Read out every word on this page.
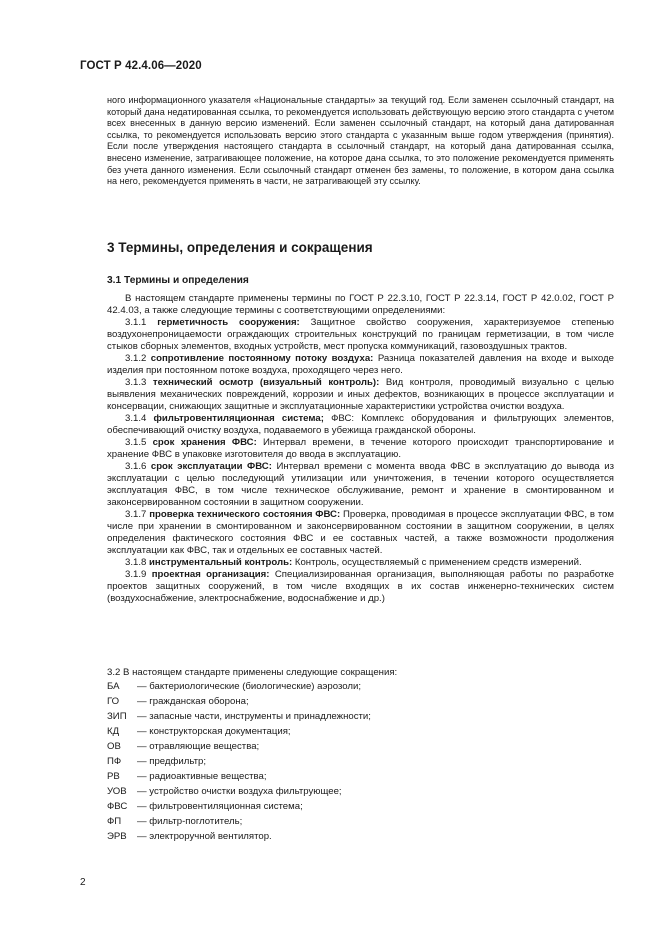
ГОСТ Р 42.4.06—2020

ного информационного указателя «Национальные стандарты» за текущий год. Если заменен ссылочный стандарт, на который дана недатированная ссылка, то рекомендуется использовать действующую версию этого стандарта с учетом всех внесенных в данную версию изменений. Если заменен ссылочный стандарт, на который дана датированная ссылка, то рекомендуется использовать версию этого стандарта с указанным выше годом утверждения (принятия). Если после утверждения настоящего стандарта в ссылочный стандарт, на который дана датированная ссылка, внесено изменение, затрагивающее положение, на которое дана ссылка, то это положение рекомендуется применять без учета данного изменения. Если ссылочный стандарт отменен без замены, то положение, в котором дана ссылка на него, рекомендуется применять в части, не затрагивающей эту ссылку.

3 Термины, определения и сокращения
3.1 Термины и определения

В настоящем стандарте применены термины по ГОСТ Р 22.3.10, ГОСТ Р 22.3.14, ГОСТ Р 42.0.02, ГОСТ Р 42.4.03, а также следующие термины с соответствующими определениями:

3.1.1 герметичность сооружения: Защитное свойство сооружения, характеризуемое степенью воздухонепроницаемости ограждающих строительных конструкций по границам герметизации, в том числе стыков сборных элементов, входных устройств, мест пропуска коммуникаций, газовоздушных трактов.

3.1.2 сопротивление постоянному потоку воздуха: Разница показателей давления на входе и выходе изделия при постоянном потоке воздуха, проходящего через него.

3.1.3 технический осмотр (визуальный контроль): Вид контроля, проводимый визуально с целью выявления механических повреждений, коррозии и иных дефектов, возникающих в процессе эксплуатации и консервации, снижающих защитные и эксплуатационные характеристики устройства очистки воздуха.

3.1.4 фильтровентиляционная система; ФВС: Комплекс оборудования и фильтрующих элементов, обеспечивающий очистку воздуха, подаваемого в убежища гражданской обороны.

3.1.5 срок хранения ФВС: Интервал времени, в течение которого происходит транспортирование и хранение ФВС в упаковке изготовителя до ввода в эксплуатацию.

3.1.6 срок эксплуатации ФВС: Интервал времени с момента ввода ФВС в эксплуатацию до вывода из эксплуатации с целью последующий утилизации или уничтожения, в течении которого осуществляется эксплуатация ФВС, в том числе техническое обслуживание, ремонт и хранение в смонтированном и законсервированном состоянии в защитном сооружении.

3.1.7 проверка технического состояния ФВС: Проверка, проводимая в процессе эксплуатации ФВС, в том числе при хранении в смонтированном и законсервированном состоянии в защитном сооружении, в целях определения фактического состояния ФВС и ее составных частей, а также возможности продолжения эксплуатации как ФВС, так и отдельных ее составных частей.

3.1.8 инструментальный контроль: Контроль, осуществляемый с применением средств измерений.

3.1.9 проектная организация: Специализированная организация, выполняющая работы по разработке проектов защитных сооружений, в том числе входящих в их состав инженерно-технических систем (воздухоснабжение, электроснабжение, водоснабжение и др.)

3.2 В настоящем стандарте применены следующие сокращения:
БА	— бактериологические (биологические) аэрозоли;
ГО	— гражданская оборона;
ЗИП	— запасные части, инструменты и принадлежности;
КД	— конструкторская документация;
ОВ	— отравляющие вещества;
ПФ	— предфильтр;
РВ	— радиоактивные вещества;
УОВ	— устройство очистки воздуха фильтрующее;
ФВС	— фильтровентиляционная система;
ФП	— фильтр-поглотитель;
ЭРВ	— электроручной вентилятор.
2
